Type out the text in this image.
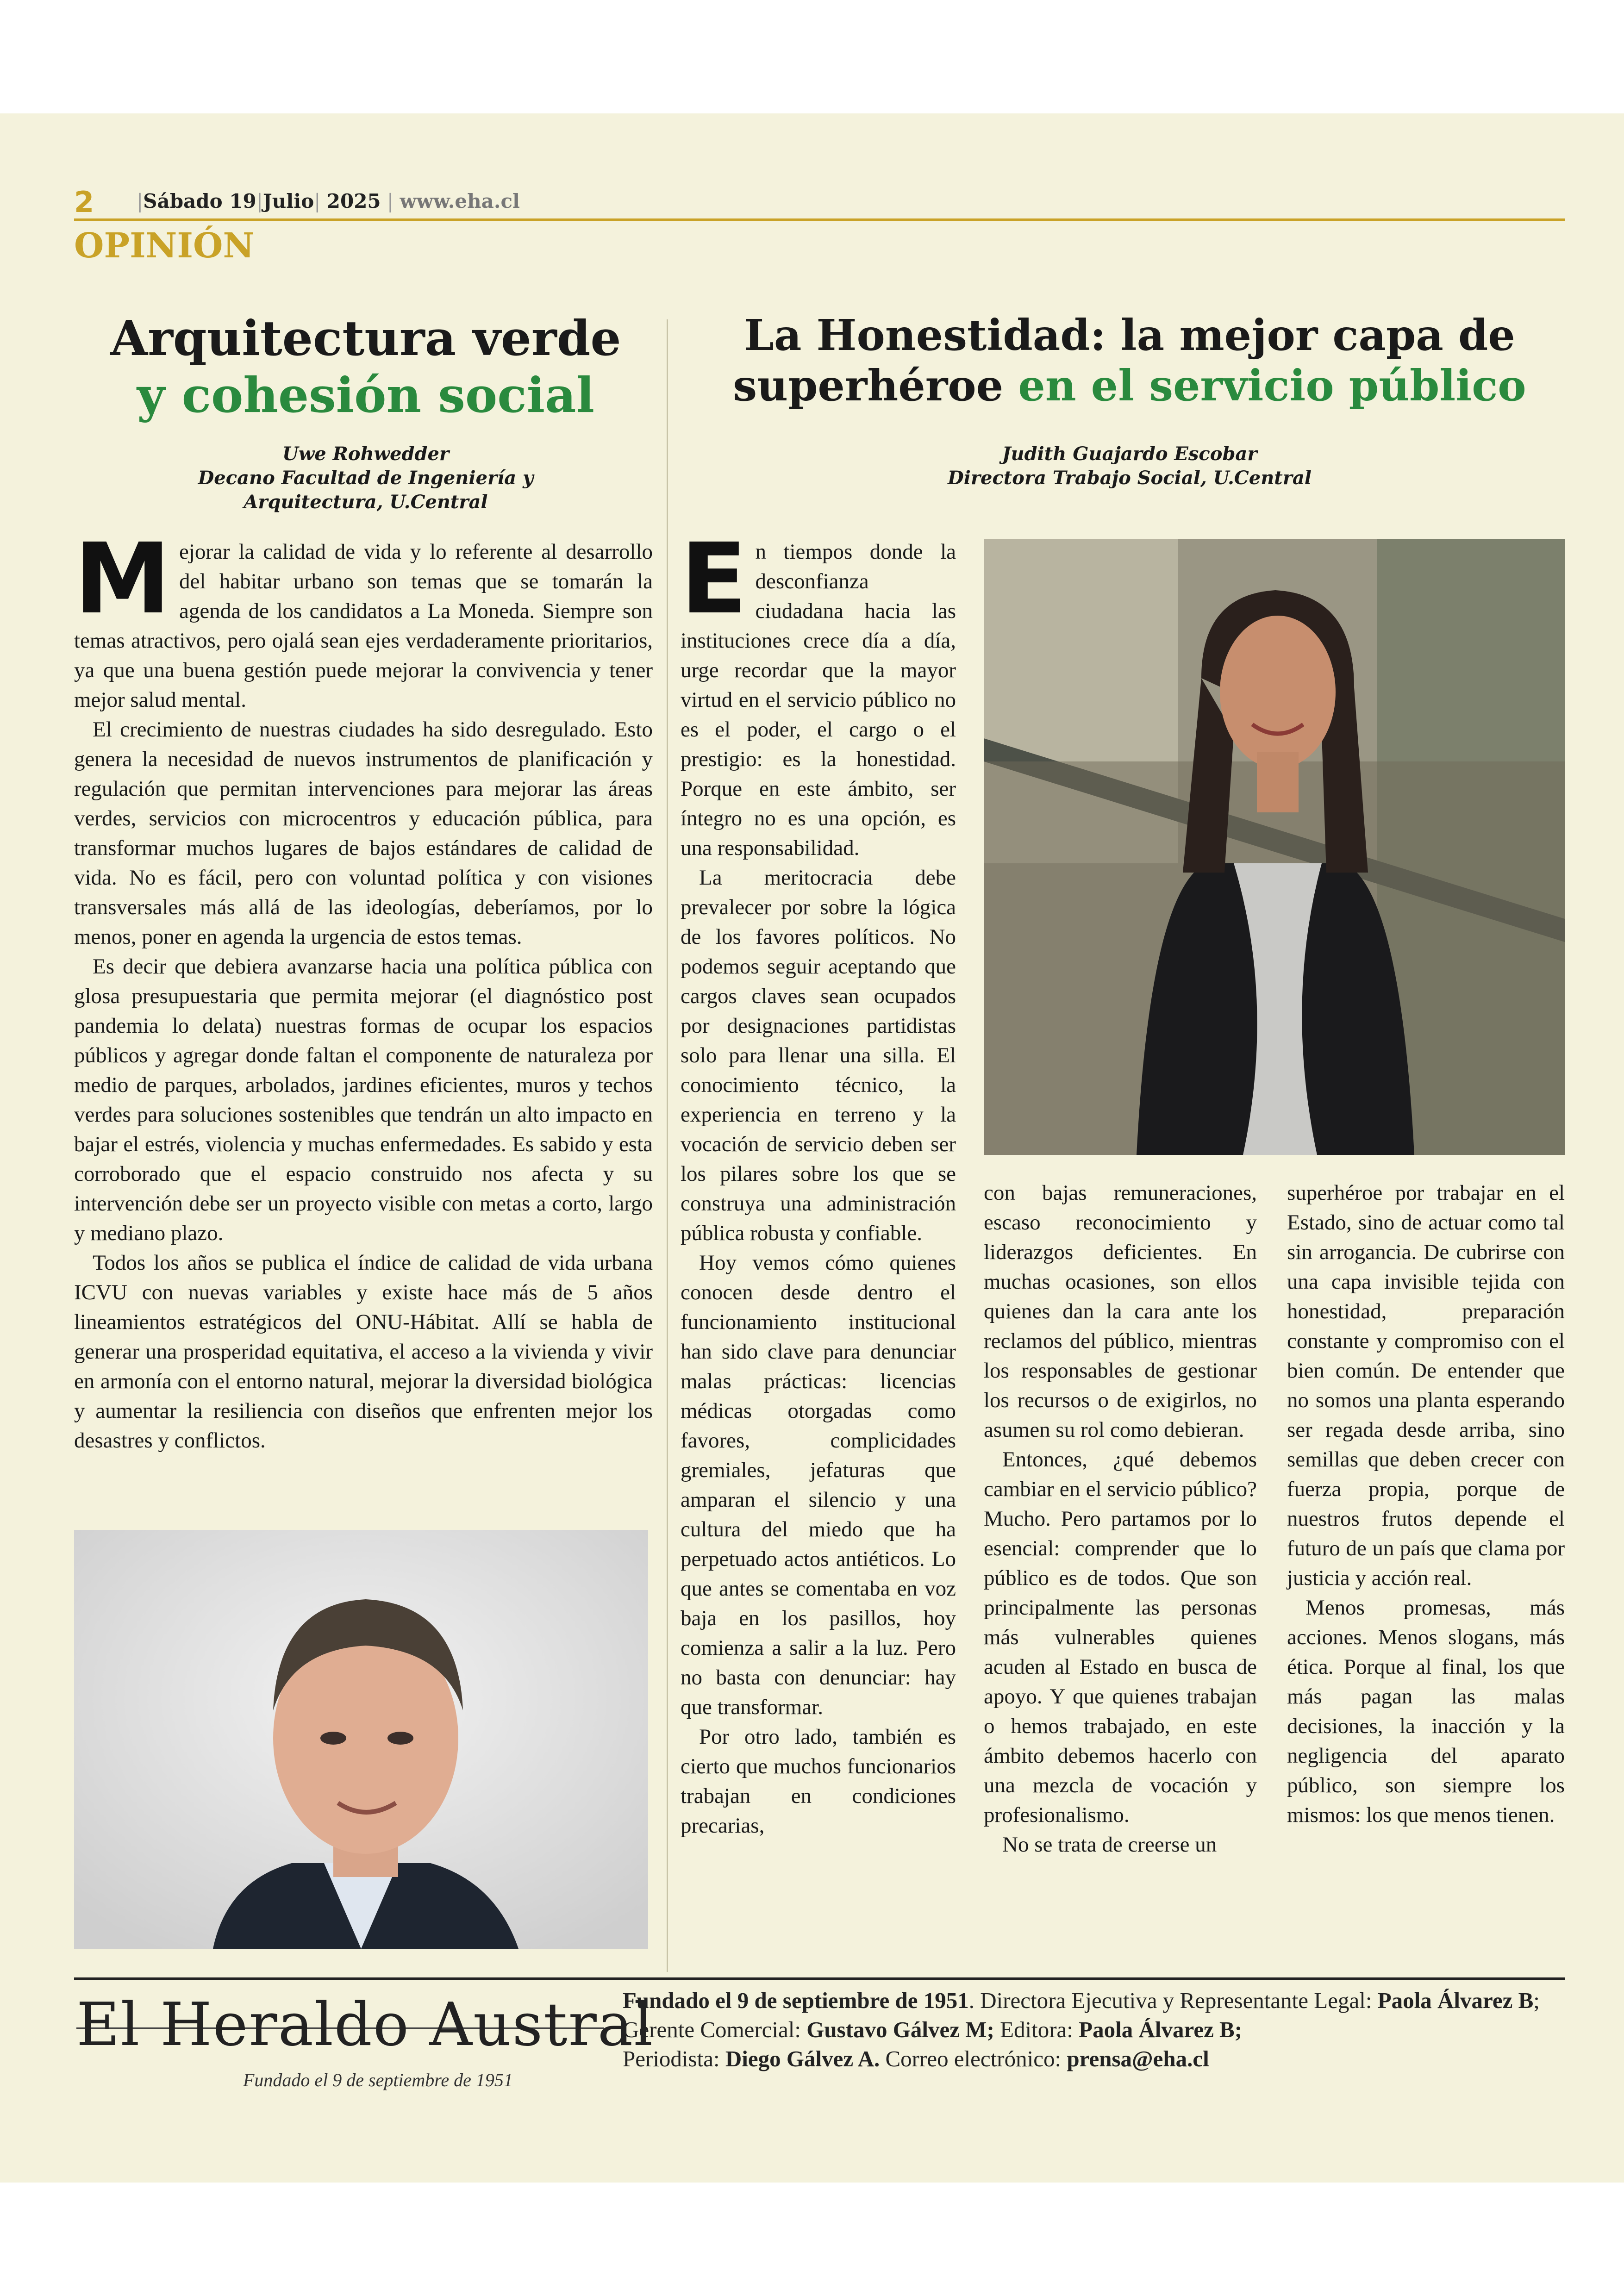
2 |Sábado 19|Julio| 2025 | www.eha.cl
OPINIÓN
Arquitectura verde
y cohesión social
Uwe Rohwedder
Decano Facultad de Ingeniería y
Arquitectura, U.Central
M ejorar la calidad de vida y lo referente al desarrollo del habitar urbano son temas que se tomarán la agenda de los candidatos a La Moneda. Siempre son temas atractivos, pero ojalá sean ejes verdaderamente prioritarios, ya que una buena gestión puede mejorar la convivencia y tener mejor salud mental.

El crecimiento de nuestras ciudades ha sido desregulado. Esto genera la necesidad de nuevos instrumentos de planificación y regulación que permitan intervenciones para mejorar las áreas verdes, servicios con microcentros y educación pública, para transformar muchos lugares de bajos estándares de calidad de vida. No es fácil, pero con voluntad política y con visiones transversales más allá de las ideologías, deberíamos, por lo menos, poner en agenda la urgencia de estos temas.

Es decir que debiera avanzarse hacia una política pública con glosa presupuestaria que permita mejorar (el diagnóstico post pandemia lo delata) nuestras formas de ocupar los espacios públicos y agregar donde faltan el componente de naturaleza por medio de parques, arbolados, jardines eficientes, muros y techos verdes para soluciones sostenibles que tendrán un alto impacto en bajar el estrés, violencia y muchas enfermedades. Es sabido y esta corroborado que el espacio construido nos afecta y su intervención debe ser un proyecto visible con metas a corto, largo y mediano plazo.

Todos los años se publica el índice de calidad de vida urbana ICVU con nuevas variables y existe hace más de 5 años lineamientos estratégicos del ONU-Hábitat. Allí se habla de generar una prosperidad equitativa, el acceso a la vivienda y vivir en armonía con el entorno natural, mejorar la diversidad biológica y aumentar la resiliencia con diseños que enfrenten mejor los desastres y conflictos.

La Honestidad: la mejor capa de
superhéroe en el servicio público
Judith Guajardo Escobar
Directora Trabajo Social, U.Central
E n tiempos donde la desconfianza ciudadana hacia las instituciones crece día a día, urge recordar que la mayor virtud en el servicio público no es el poder, el cargo o el prestigio: es la honestidad. Porque en este ámbito, ser íntegro no es una opción, es una responsabilidad.

La meritocracia debe prevalecer por sobre la lógica de los favores políticos. No podemos seguir aceptando que cargos claves sean ocupados por designaciones partidistas solo para llenar una silla. El conocimiento técnico, la experiencia en terreno y la vocación de servicio deben ser los pilares sobre los que se construya una administración pública robusta y confiable.

Hoy vemos cómo quienes conocen desde dentro el funcionamiento institucional han sido clave para denunciar malas prácticas: licencias médicas otorgadas como favores, complicidades gremiales, jefaturas que amparan el silencio y una cultura del miedo que ha perpetuado actos antiéticos. Lo que antes se comentaba en voz baja en los pasillos, hoy comienza a salir a la luz. Pero no basta con denunciar: hay que transformar.

Por otro lado, también es cierto que muchos funcionarios trabajan en condiciones precarias,

con bajas remuneraciones, escaso reconocimiento y liderazgos deficientes. En muchas ocasiones, son ellos quienes dan la cara ante los reclamos del público, mientras los responsables de gestionar los recursos o de exigirlos, no asumen su rol como debieran.

Entonces, ¿qué debemos cambiar en el servicio público? Mucho. Pero partamos por lo esencial: comprender que lo público es de todos. Que son principalmente las personas más vulnerables quienes acuden al Estado en busca de apoyo. Y que quienes trabajan o hemos trabajado, en este ámbito debemos hacerlo con una mezcla de vocación y profesionalismo.

No se trata de creerse un

superhéroe por trabajar en el Estado, sino de actuar como tal sin arrogancia. De cubrirse con una capa invisible tejida con honestidad, preparación constante y compromiso con el bien común. De entender que no somos una planta esperando ser regada desde arriba, sino semillas que deben crecer con fuerza propia, porque de nuestros frutos depende el futuro de un país que clama por justicia y acción real.

Menos promesas, más acciones. Menos slogans, más ética. Porque al final, los que más pagan las malas decisiones, la inacción y la negligencia del aparato público, son siempre los mismos: los que menos tienen.

El Heraldo Austral
Fundado el 9 de septiembre de 1951
Fundado el 9 de septiembre de 1951. Directora Ejecutiva y Representante Legal: Paola Álvarez B; Gerente Comercial: Gustavo Gálvez M; Editora: Paola Álvarez B;
Periodista: Diego Gálvez A. Correo electrónico: prensa@eha.cl
